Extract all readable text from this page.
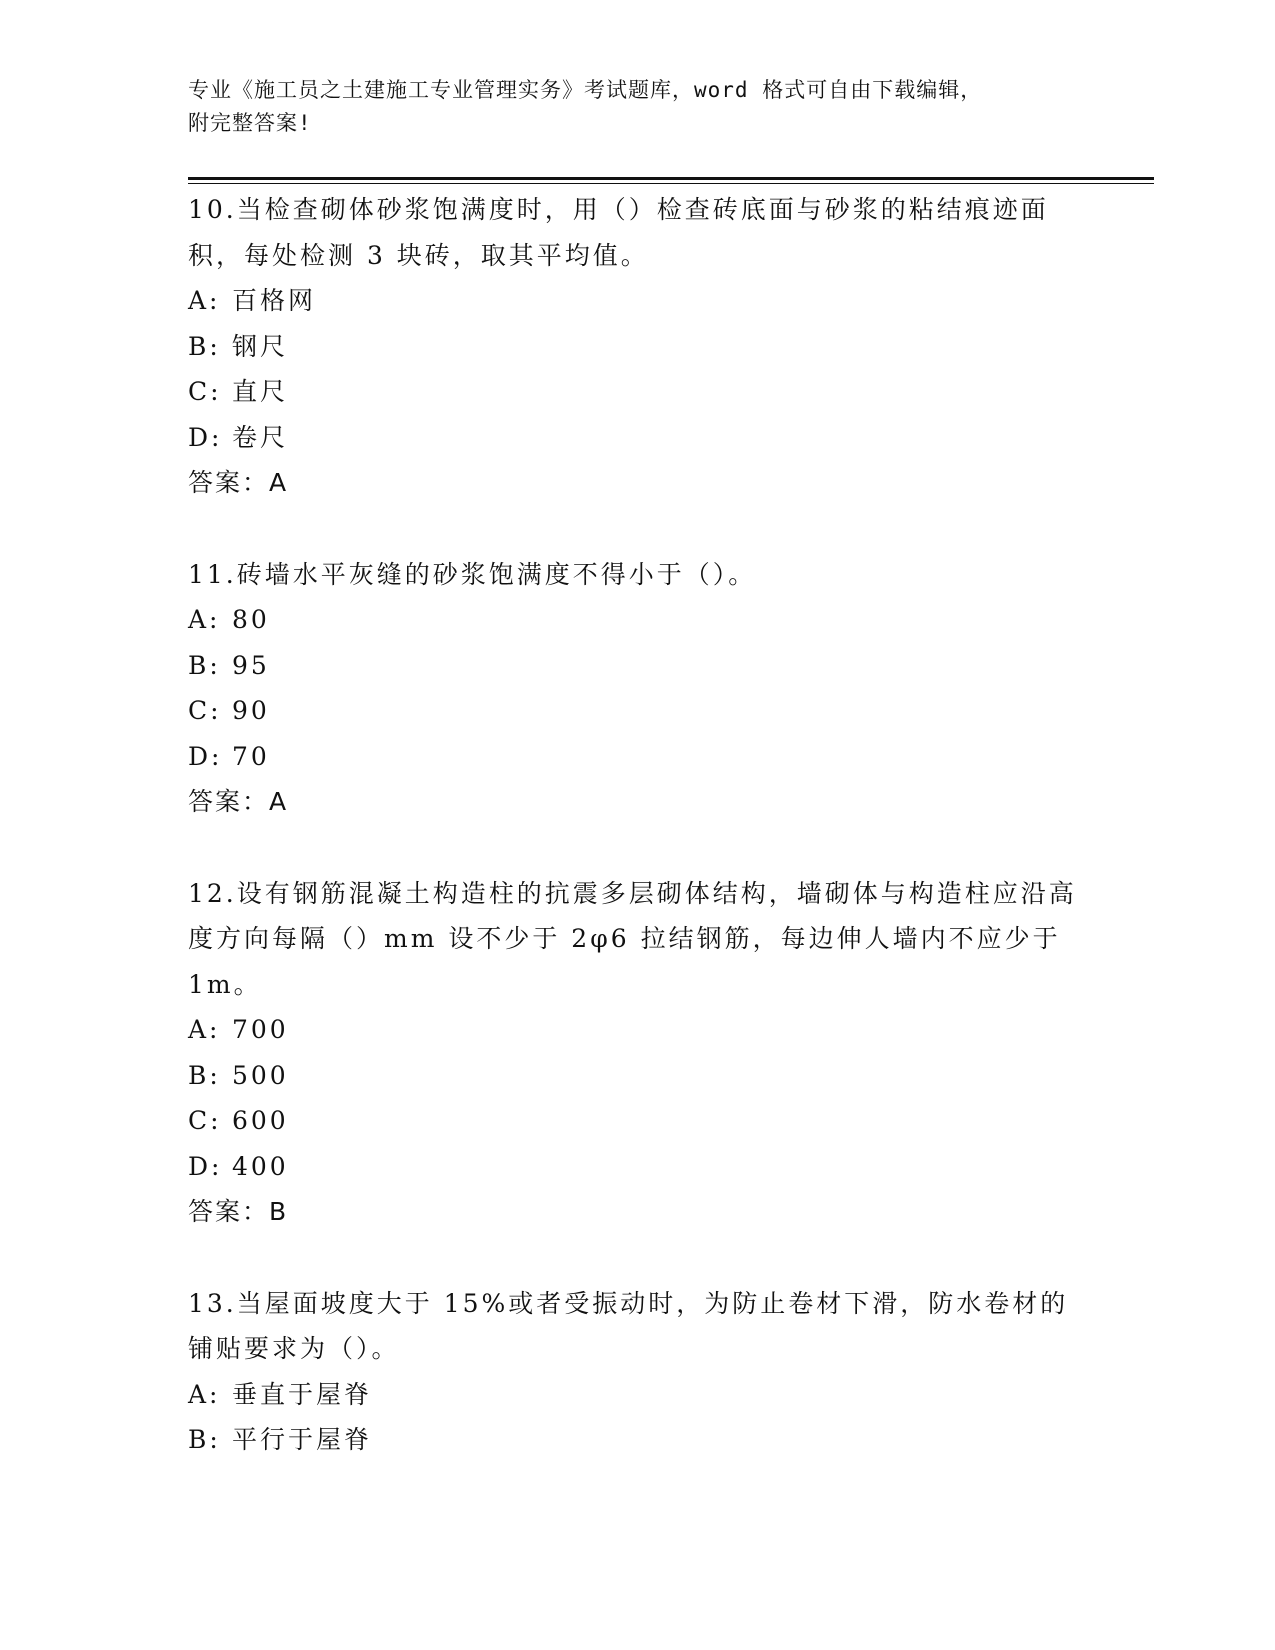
专业《施工员之土建施工专业管理实务》考试题库，word 格式可自由下载编辑，
附完整答案!

10.当检查砌体砂浆饱满度时，用（）检查砖底面与砂浆的粘结痕迹面积，每处检测 3 块砖，取其平均值。

A: 百格网
B: 钢尺
C: 直尺
D: 卷尺

答案：A

11.砖墙水平灰缝的砂浆饱满度不得小于（）。

A: 80
B: 95
C: 90
D: 70

答案：A

12.设有钢筋混凝土构造柱的抗震多层砌体结构，墙砌体与构造柱应沿高度方向每隔（）mm 设不少于 2φ6 拉结钢筋，每边伸人墙内不应少于1m。

A: 700
B: 500
C: 600
D: 400

答案：B

13.当屋面坡度大于 15%或者受振动时，为防止卷材下滑，防水卷材的铺贴要求为（）。

A: 垂直于屋脊
B: 平行于屋脊
